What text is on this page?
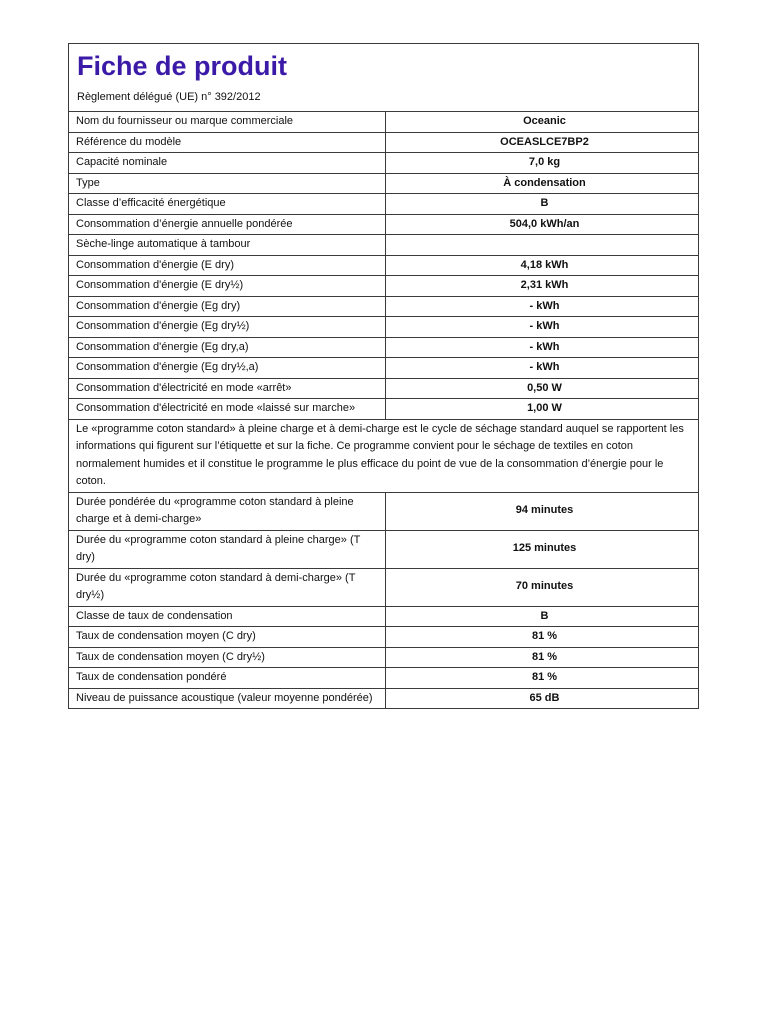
Fiche de produit
Règlement délégué (UE) n° 392/2012
Nom du fournisseur ou marque commerciale	Oceanic
Référence du modèle	OCEASLCE7BP2
Capacité nominale	7,0 kg
Type	À condensation
Classe d’efficacité énergétique	B
Consommation d’énergie annuelle pondérée	504,0 kWh/an
Sèche-linge automatique à tambour	
Consommation d'énergie (E dry)	4,18 kWh
Consommation d'énergie (E dry½)	2,31 kWh
Consommation d'énergie (Eg dry)	- kWh
Consommation d'énergie (Eg dry½)	- kWh
Consommation d'énergie (Eg dry,a)	- kWh
Consommation d'énergie (Eg dry½,a)	- kWh
Consommation d'électricité en mode «arrêt»	0,50 W
Consommation d'électricité en mode «laissé sur marche»	1,00 W
Le «programme coton standard» à pleine charge et à demi-charge est le cycle de séchage standard auquel se rapportent les informations qui figurent sur l’étiquette et sur la fiche. Ce programme convient pour le séchage de textiles en coton normalement humides et il constitue le programme le plus efficace du point de vue de la consommation d’énergie pour le coton.	
Durée pondérée du «programme coton standard à pleine charge et à demi-charge»	94 minutes
Durée du «programme coton standard à pleine charge» (T dry)	125 minutes
Durée du «programme coton standard à demi-charge» (T dry½)	70 minutes
Classe de taux de condensation	B
Taux de condensation moyen (C dry)	81 %
Taux de condensation moyen (C dry½)	81 %
Taux de condensation pondéré	81 %
Niveau de puissance acoustique (valeur moyenne pondérée)	65 dB
